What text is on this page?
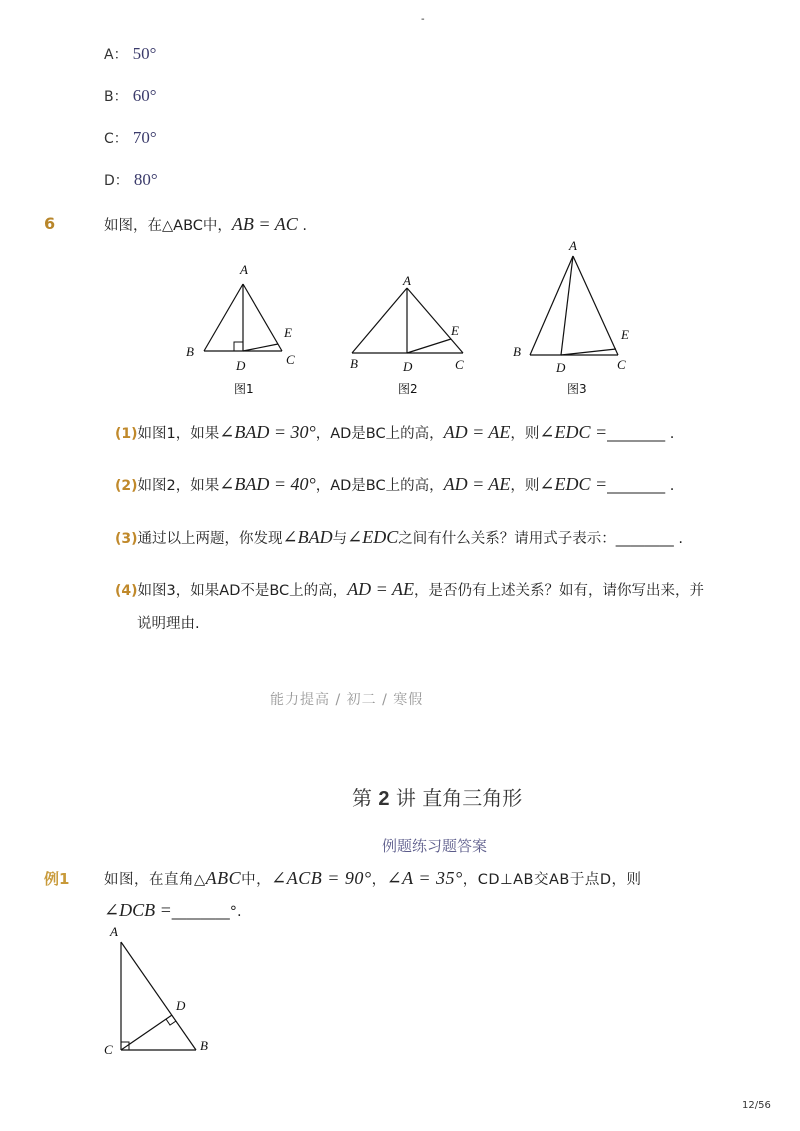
-
A： 50°
B： 60°
C： 70°
D： 80°
6	如图，在△ABC中，AB = AC .
A
B
D
E
C
A
B	D
E
C
A
B
D
E
C
图1	图2	图3
(1)如图1，如果∠BAD = 30°，AD是BC上的高，AD = AE，则∠EDC =________ .
(2)如图2，如果∠BAD = 40°，AD是BC上的高，AD = AE，则∠EDC =________ .
(3)通过以上两题，你发现∠BAD与∠EDC之间有什么关系？请用式子表示：________ .
(4)如图3，如果AD不是BC上的高，AD = AE，是否仍有上述关系？如有，请你写出来，并
说明理由.
能力提高 / 初二 / 寒假
第 2 讲 直角三角形
例题练习题答案
例1 如图，在直角△ABC中，∠ACB = 90°，∠A = 35°，CD⊥AB交AB于点D，则
∠DCB =________°.
A
D
C	B
12/56
